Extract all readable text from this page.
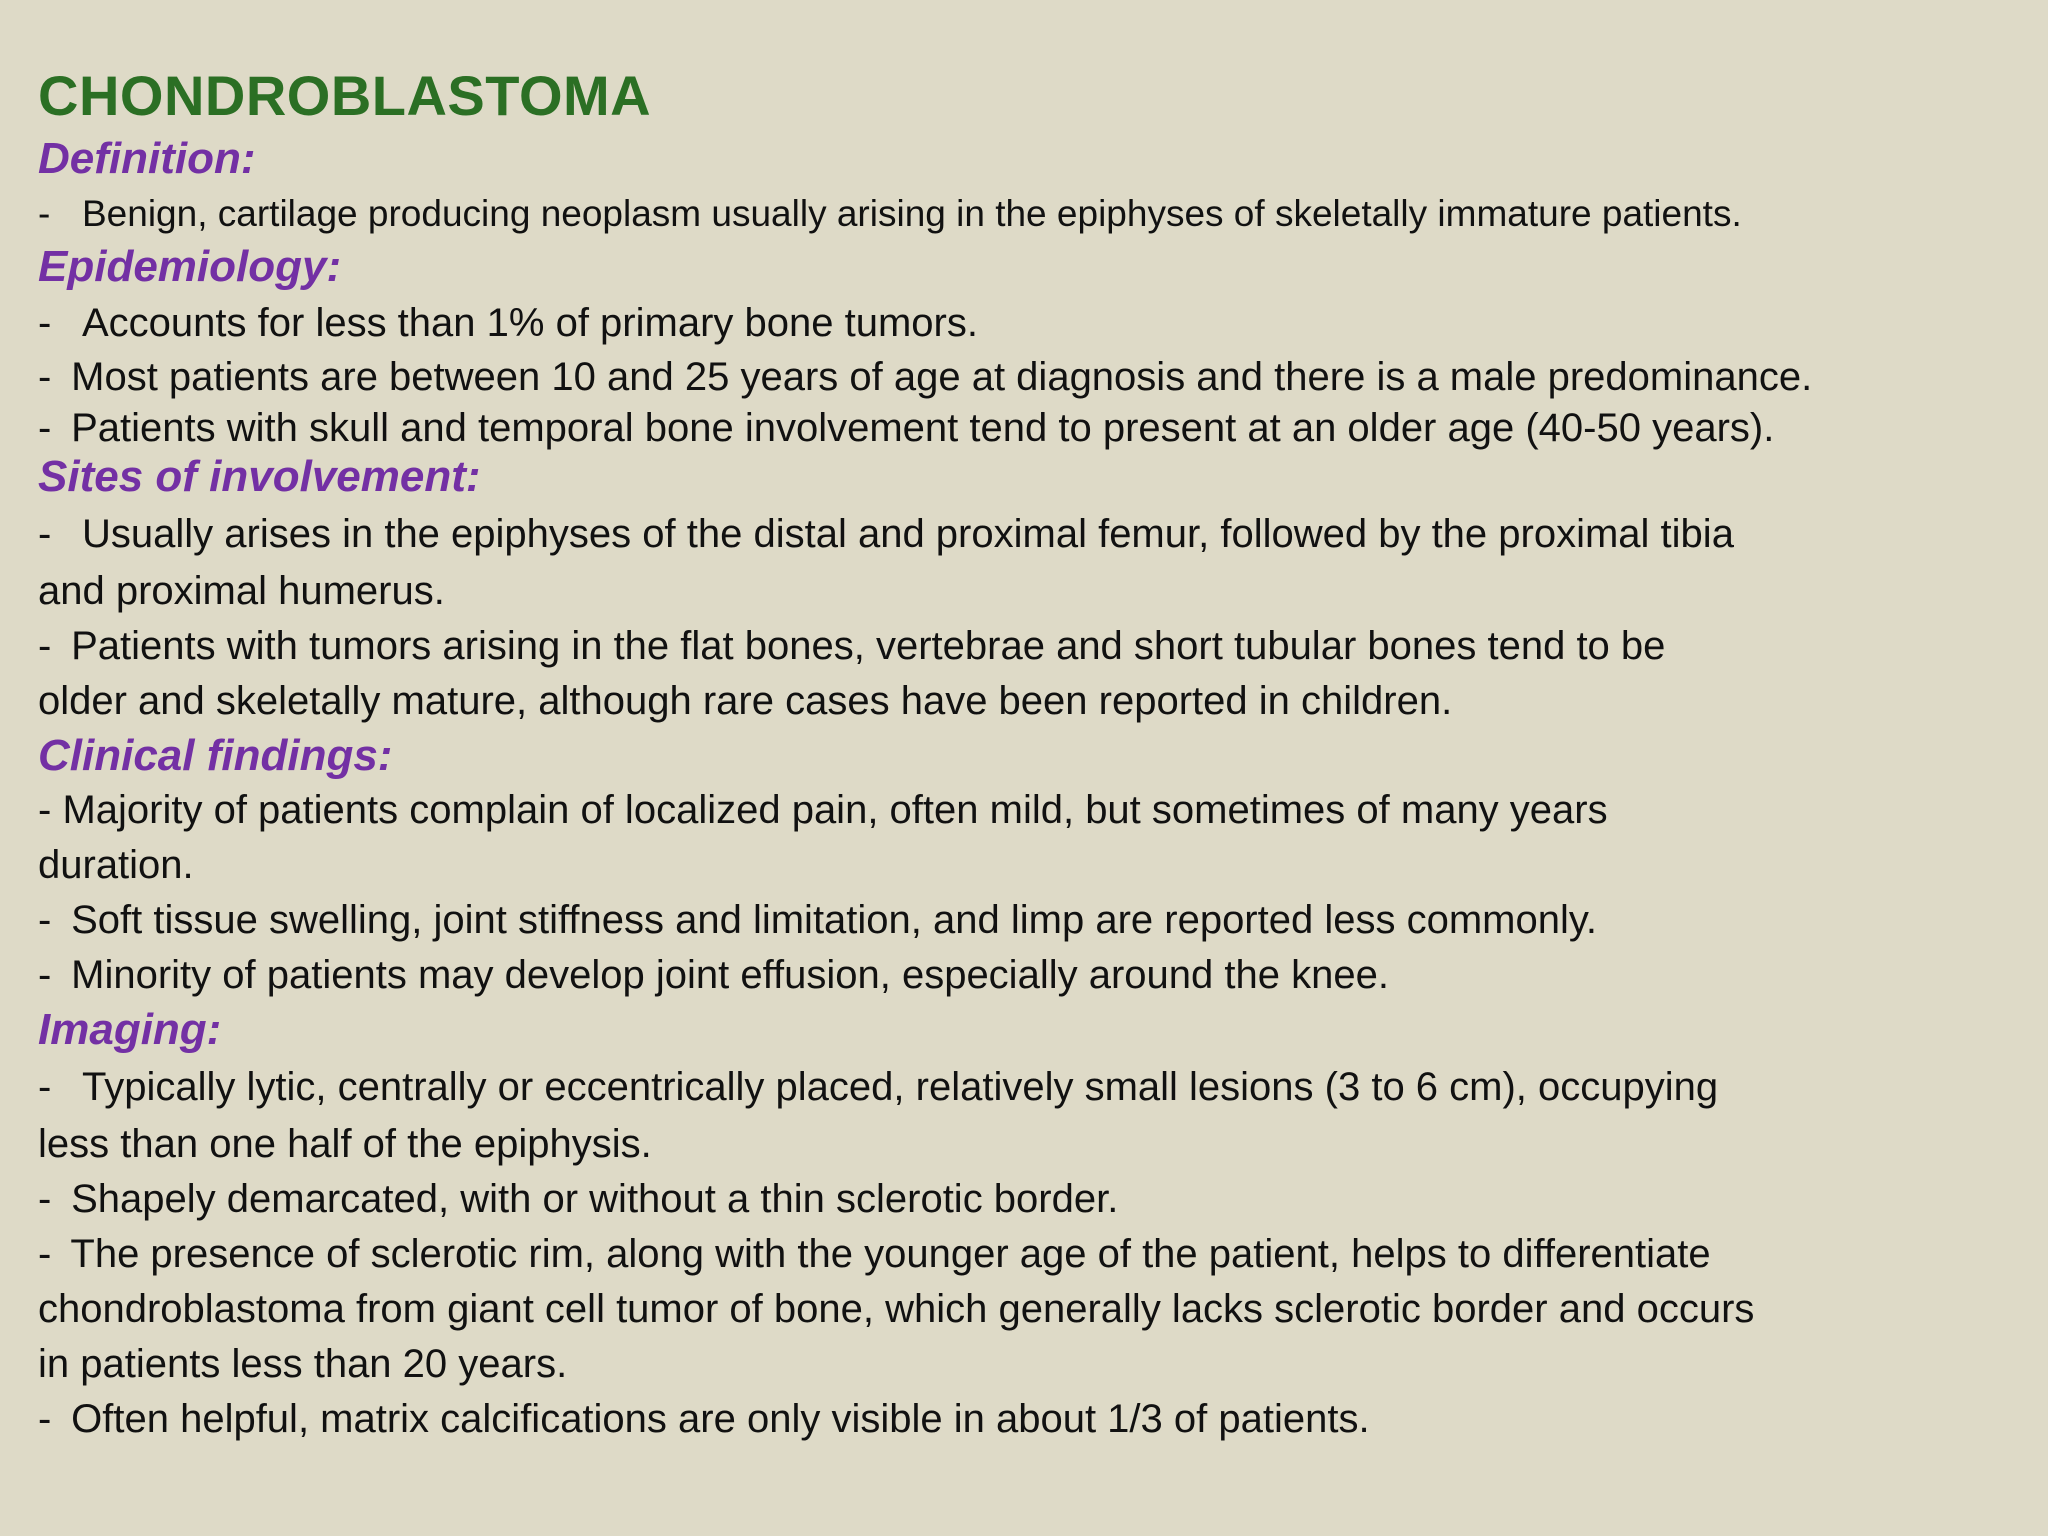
CHONDROBLASTOMA
Definition:
- Benign, cartilage producing neoplasm usually arising in the epiphyses of skeletally immature patients.
Epidemiology:
- Accounts for less than 1% of primary bone tumors.
- Most patients are between 10 and 25 years of age at diagnosis and there is a male predominance.
- Patients with skull and temporal bone involvement tend to present at an older age (40-50 years).
Sites of involvement:
- Usually arises in the epiphyses of the distal and proximal femur, followed by the proximal tibia
and proximal humerus.
- Patients with tumors arising in the flat bones, vertebrae and short tubular bones tend to be
older and skeletally mature, although rare cases have been reported in children.
Clinical findings:
- Majority of patients complain of localized pain, often mild, but sometimes of many years
duration.
- Soft tissue swelling, joint stiffness and limitation, and limp are reported less commonly.
- Minority of patients may develop joint effusion, especially around the knee.
Imaging:
- Typically lytic, centrally or eccentrically placed, relatively small lesions (3 to 6 cm), occupying
less than one half of the epiphysis.
- Shapely demarcated, with or without a thin sclerotic border.
- The presence of sclerotic rim, along with the younger age of the patient, helps to differentiate
chondroblastoma from giant cell tumor of bone, which generally lacks sclerotic border and occurs
in patients less than 20 years.
- Often helpful, matrix calcifications are only visible in about 1/3 of patients.
